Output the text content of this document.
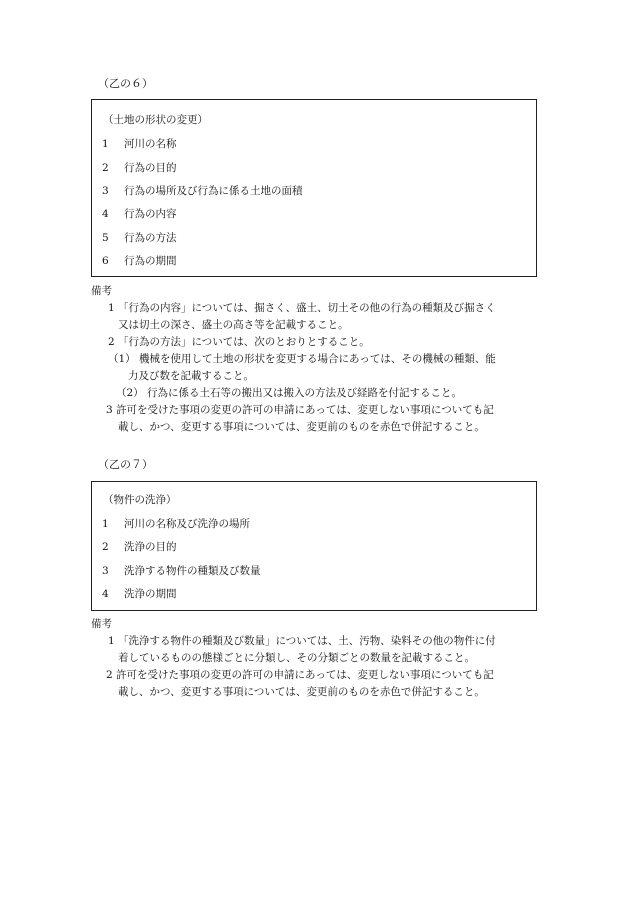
（乙の６）
（土地の形状の変更）
1 河川の名称
2 行為の目的
3 行為の場所及び行為に係る土地の面積
4 行為の内容
5 行為の方法
6 行為の期間
備考
1 「行為の内容」については、掘さく、盛土、切土その他の行為の種類及び掘さく
又は切土の深さ、盛土の高さ等を記載すること。
2 「行為の方法」については、次のとおりとすること。
（1） 機械を使用して土地の形状を変更する場合にあっては、その機械の種類、能
力及び数を記載すること。
（2） 行為に係る土石等の搬出又は搬入の方法及び経路を付記すること。
3 許可を受けた事項の変更の許可の申請にあっては、変更しない事項についても記
載し、かつ、変更する事項については、変更前のものを赤色で併記すること。
（乙の７）
（物件の洗浄）
1 河川の名称及び洗浄の場所
2 洗浄の目的
3 洗浄する物件の種類及び数量
4 洗浄の期間
備考
1 「洗浄する物件の種類及び数量」については、土、汚物、染料その他の物件に付
着しているものの態様ごとに分類し、その分類ごとの数量を記載すること。
2 許可を受けた事項の変更の許可の申請にあっては、変更しない事項についても記
載し、かつ、変更する事項については、変更前のものを赤色で併記すること。
